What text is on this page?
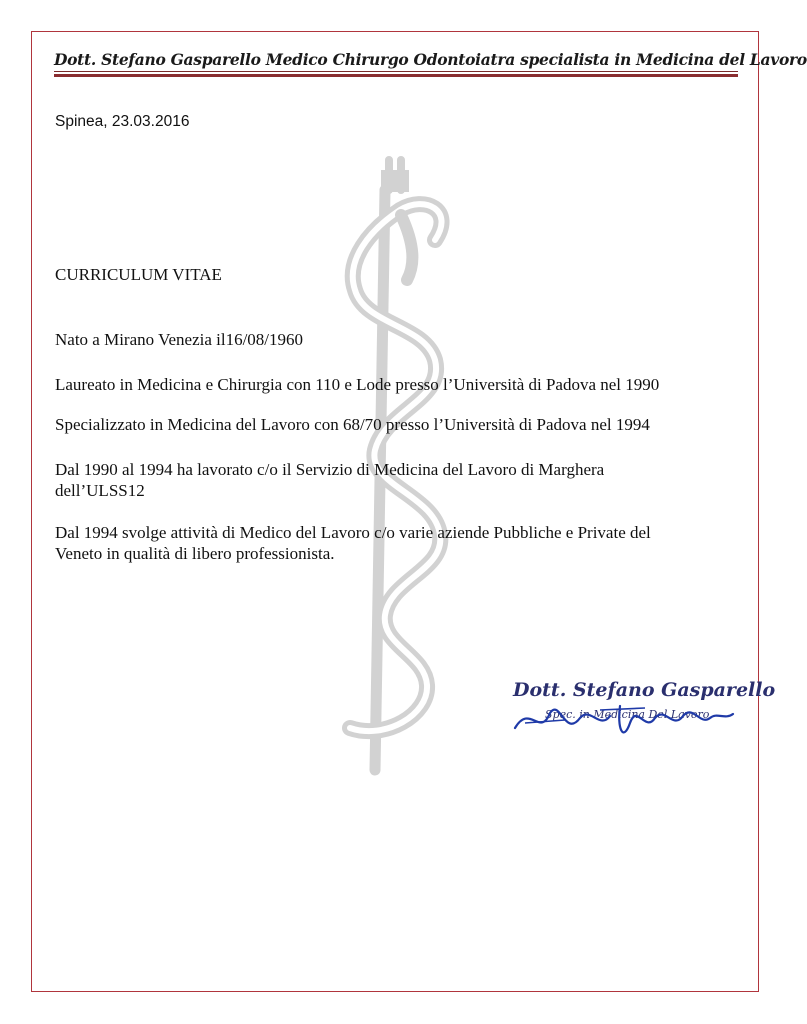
Dott. Stefano Gasparello Medico Chirurgo Odontoiatra specialista in Medicina del Lavoro
Spinea, 23.03.2016
CURRICULUM VITAE
Nato a Mirano Venezia il16/08/1960
Laureato in Medicina e Chirurgia con 110 e Lode presso l’Università di Padova nel 1990
Specializzato in Medicina del Lavoro con 68/70 presso l’Università di Padova nel 1994
Dal 1990 al 1994 ha lavorato c/o il Servizio di Medicina del Lavoro di Marghera
dell’ULSS12
Dal 1994 svolge attività di Medico del Lavoro c/o varie aziende Pubbliche e Private del
Veneto in qualità di libero professionista.
Dott. Stefano Gasparello
Spec. in Medicina Del Lavoro
